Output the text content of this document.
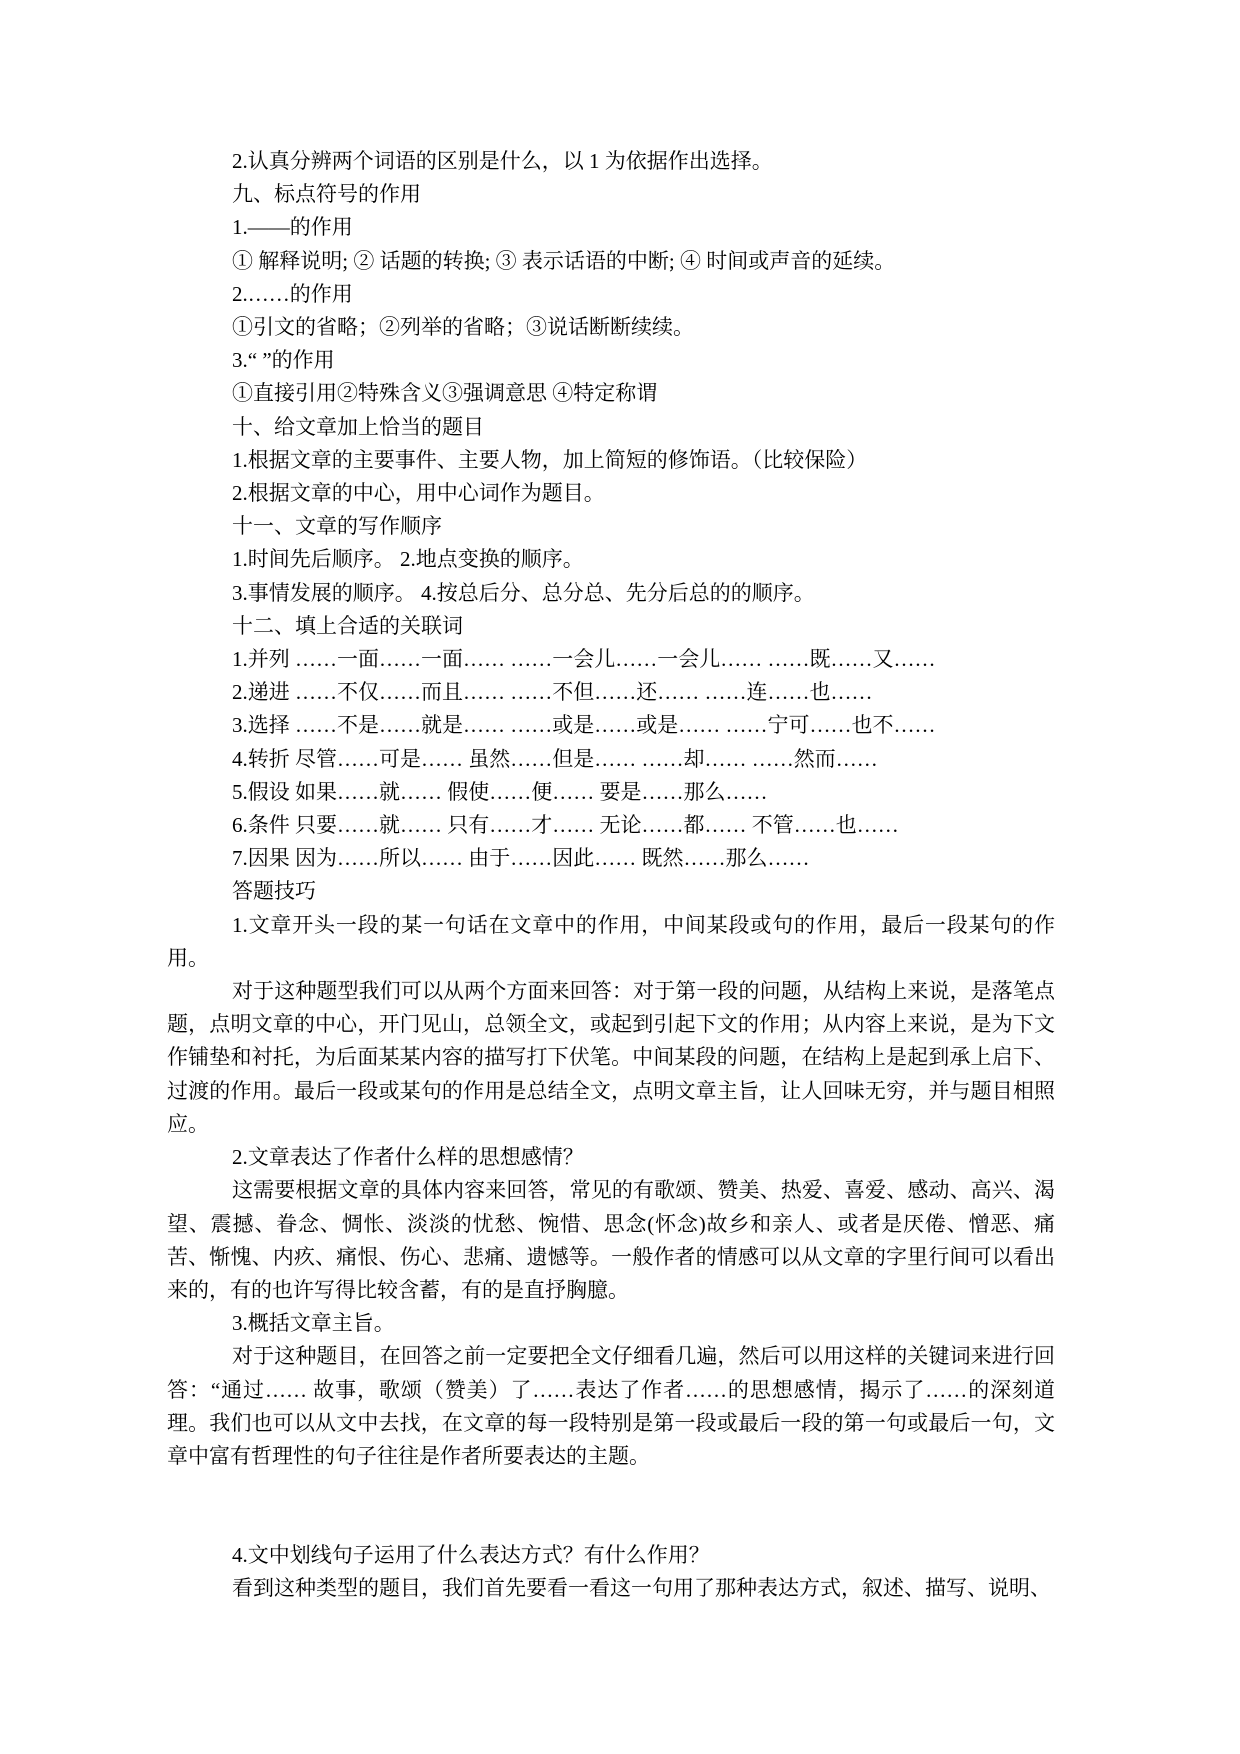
2.认真分辨两个词语的区别是什么，以 1 为依据作出选择。

九、标点符号的作用

1.——的作用

① 解释说明; ② 话题的转换; ③ 表示话语的中断; ④ 时间或声音的延续。

2.……的作用

①引文的省略；②列举的省略；③说话断断续续。

3.“ ”的作用

①直接引用②特殊含义③强调意思 ④特定称谓

十、给文章加上恰当的题目

1.根据文章的主要事件、主要人物，加上简短的修饰语。（比较保险）

2.根据文章的中心，用中心词作为题目。

十一、文章的写作顺序

1.时间先后顺序。 2.地点变换的顺序。

3.事情发展的顺序。 4.按总后分、总分总、先分后总的的顺序。

十二、填上合适的关联词

1.并列 ……一面……一面…… ……一会儿……一会儿…… ……既……又……

2.递进 ……不仅……而且…… ……不但……还…… ……连……也……

3.选择 ……不是……就是…… ……或是……或是…… ……宁可……也不……

4.转折 尽管……可是…… 虽然……但是…… ……却…… ……然而……

5.假设 如果……就…… 假使……便…… 要是……那么……

6.条件 只要……就…… 只有……才…… 无论……都…… 不管……也……

7.因果 因为……所以…… 由于……因此…… 既然……那么……

答题技巧

1.文章开头一段的某一句话在文章中的作用，中间某段或句的作用，最后一段某句的作用。

对于这种题型我们可以从两个方面来回答：对于第一段的问题，从结构上来说，是落笔点题，点明文章的中心，开门见山，总领全文，或起到引起下文的作用；从内容上来说，是为下文作铺垫和衬托，为后面某某内容的描写打下伏笔。中间某段的问题，在结构上是起到承上启下、过渡的作用。最后一段或某句的作用是总结全文，点明文章主旨，让人回味无穷，并与题目相照应。

2.文章表达了作者什么样的思想感情？

这需要根据文章的具体内容来回答，常见的有歌颂、赞美、热爱、喜爱、感动、高兴、渴望、震撼、眷念、惆怅、淡淡的忧愁、惋惜、思念(怀念)故乡和亲人、或者是厌倦、憎恶、痛苦、惭愧、内疚、痛恨、伤心、悲痛、遗憾等。一般作者的情感可以从文章的字里行间可以看出来的，有的也许写得比较含蓄，有的是直抒胸臆。

3.概括文章主旨。

对于这种题目，在回答之前一定要把全文仔细看几遍，然后可以用这样的关键词来进行回答：“通过…… 故事，歌颂（赞美）了……表达了作者……的思想感情，揭示了……的深刻道理。我们也可以从文中去找，在文章的每一段特别是第一段或最后一段的第一句或最后一句，文章中富有哲理性的句子往往是作者所要表达的主题。

4.文中划线句子运用了什么表达方式？有什么作用？

看到这种类型的题目，我们首先要看一看这一句用了那种表达方式，叙述、描写、说明、
